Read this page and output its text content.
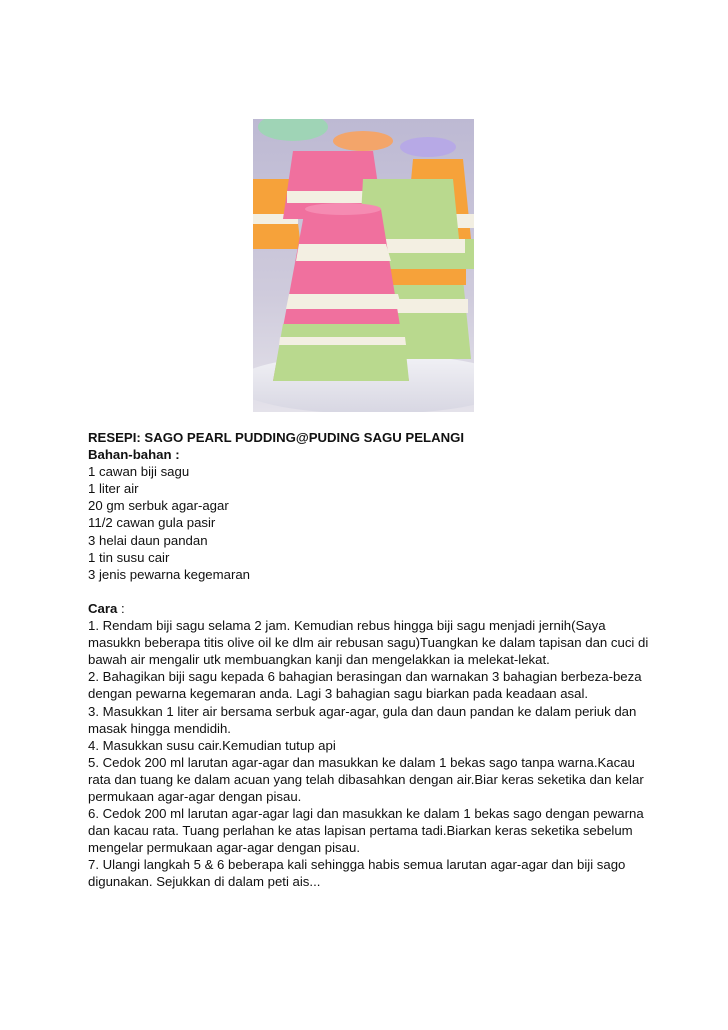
RESEPI: SAGO PEARL PUDDING@PUDING SAGU PELANGI
Bahan-bahan :
1 cawan biji sagu
1 liter air
20 gm serbuk agar-agar
11/2 cawan gula pasir
3 helai daun pandan
1 tin susu cair
3 jenis pewarna kegemaran
Cara :
1. Rendam biji sagu selama 2 jam. Kemudian rebus hingga biji sagu menjadi jernih(Saya
masukkn beberapa titis olive oil ke dlm air rebusan sagu)Tuangkan ke dalam tapisan dan cuci di
bawah air mengalir utk membuangkan kanji dan mengelakkan ia melekat-lekat.
2. Bahagikan biji sagu kepada 6 bahagian berasingan dan warnakan 3 bahagian berbeza-beza
dengan pewarna kegemaran anda. Lagi 3 bahagian sagu biarkan pada keadaan asal.
3. Masukkan 1 liter air bersama serbuk agar-agar, gula dan daun pandan ke dalam periuk dan
masak hingga mendidih.
4. Masukkan susu cair.Kemudian tutup api
5. Cedok 200 ml larutan agar-agar dan masukkan ke dalam 1 bekas sago tanpa warna.Kacau
rata dan tuang ke dalam acuan yang telah dibasahkan dengan air.Biar keras seketika dan kelar
permukaan agar-agar dengan pisau.
6. Cedok 200 ml larutan agar-agar lagi dan masukkan ke dalam 1 bekas sago dengan pewarna
dan kacau rata. Tuang perlahan ke atas lapisan pertama tadi.Biarkan keras seketika sebelum
mengelar permukaan agar-agar dengan pisau.
7. Ulangi langkah 5 & 6 beberapa kali sehingga habis semua larutan agar-agar dan biji sago
digunakan. Sejukkan di dalam peti ais...
